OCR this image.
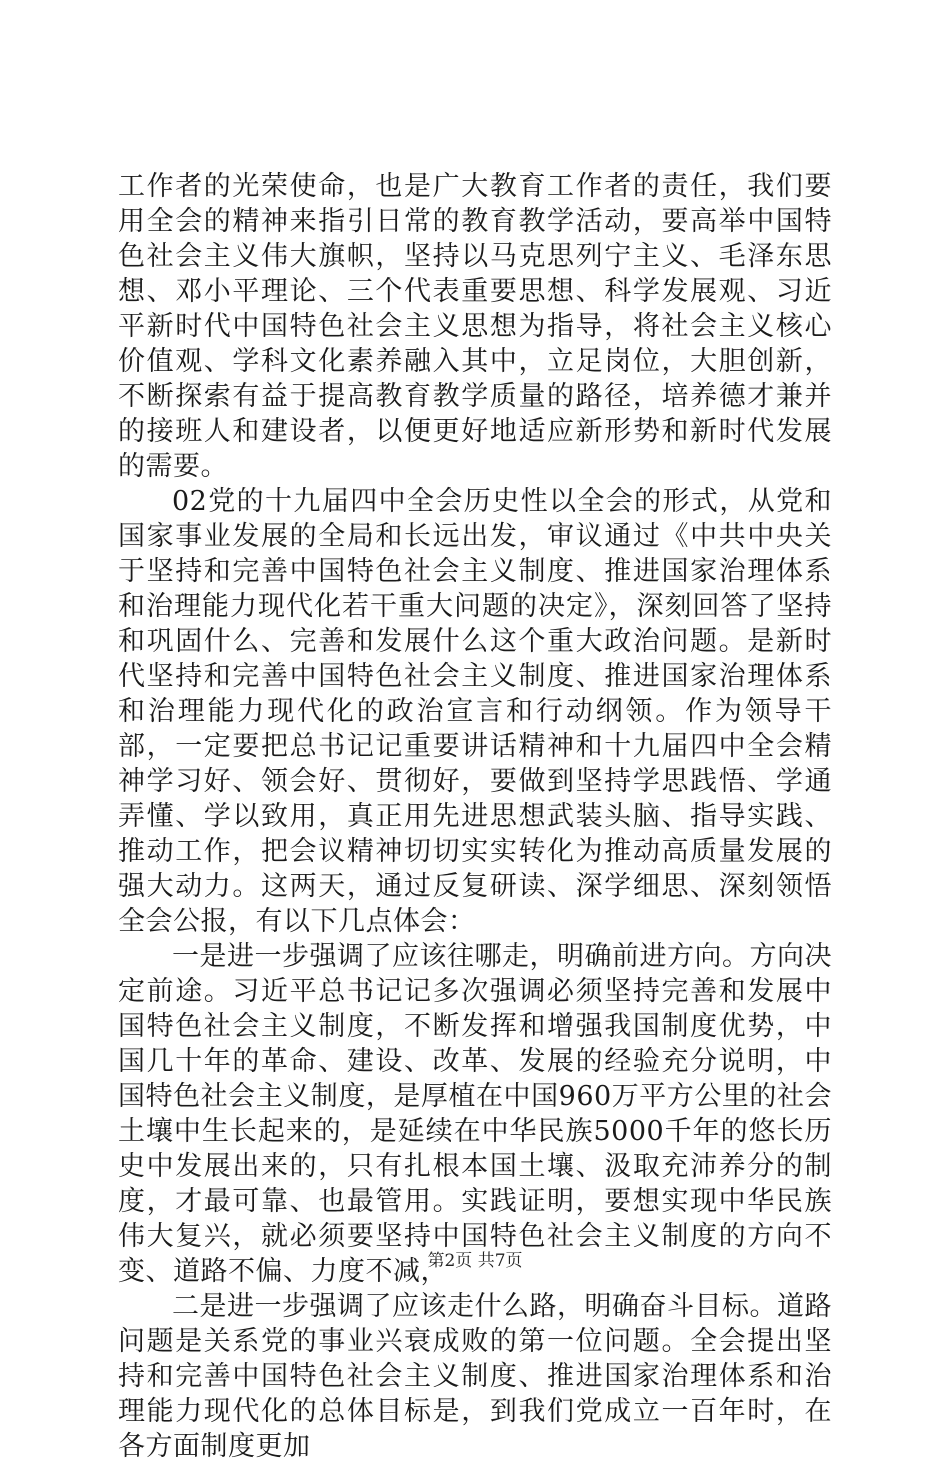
工作者的光荣使命，也是广大教育工作者的责任，我们要用全会的精神来指引日常的教育教学活动，要高举中国特色社会主义伟大旗帜，坚持以马克思列宁主义、毛泽东思想、邓小平理论、三个代表重要思想、科学发展观、习近平新时代中国特色社会主义思想为指导，将社会主义核心价值观、学科文化素养融入其中，立足岗位，大胆创新，不断探索有益于提高教育教学质量的路径，培养德才兼并的接班人和建设者，以便更好地适应新形势和新时代发展的需要。

02党的十九届四中全会历史性以全会的形式，从党和国家事业发展的全局和长远出发，审议通过《中共中央关于坚持和完善中国特色社会主义制度、推进国家治理体系和治理能力现代化若干重大问题的决定》，深刻回答了坚持和巩固什么、完善和发展什么这个重大政治问题。是新时代坚持和完善中国特色社会主义制度、推进国家治理体系和治理能力现代化的政治宣言和行动纲领。作为领导干部，一定要把总书记记重要讲话精神和十九届四中全会精神学习好、领会好、贯彻好，要做到坚持学思践悟、学通弄懂、学以致用，真正用先进思想武装头脑、指导实践、推动工作，把会议精神切切实实转化为推动高质量发展的强大动力。这两天，通过反复研读、深学细思、深刻领悟全会公报，有以下几点体会：

一是进一步强调了应该往哪走，明确前进方向。方向决定前途。习近平总书记记多次强调必须坚持完善和发展中国特色社会主义制度，不断发挥和增强我国制度优势，中国几十年的革命、建设、改革、发展的经验充分说明，中国特色社会主义制度，是厚植在中国960万平方公里的社会土壤中生长起来的，是延续在中华民族5000千年的悠长历史中发展出来的，只有扎根本国土壤、汲取充沛养分的制度，才最可靠、也最管用。实践证明，要想实现中华民族伟大复兴，就必须要坚持中国特色社会主义制度的方向不变、道路不偏、力度不减，

二是进一步强调了应该走什么路，明确奋斗目标。道路问题是关系党的事业兴衰成败的第一位问题。全会提出坚持和完善中国特色社会主义制度、推进国家治理体系和治理能力现代化的总体目标是，到我们党成立一百年时，在各方面制度更加

第2页 共7页
